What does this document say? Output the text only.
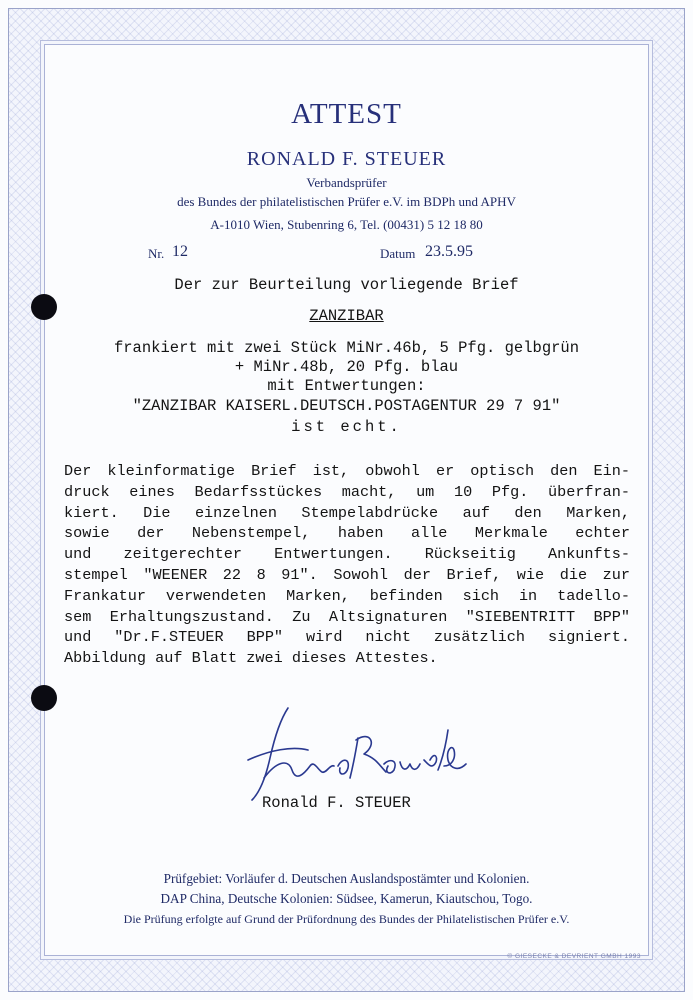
ATTEST
RONALD F. STEUER
Verbandsprüfer
des Bundes der philatelistischen Prüfer e.V. im BDPh und APHV
A-1010 Wien, Stubenring 6, Tel. (00431) 5 12 18 80
Nr. 12	Datum 23.5.95
Der zur Beurteilung vorliegende Brief
ZANZIBAR
frankiert mit zwei Stück MiNr.46b, 5 Pfg. gelbgrün
+ MiNr.48b, 20 Pfg. blau
mit Entwertungen:
"ZANZIBAR KAISERL.DEUTSCH.POSTAGENTUR 29 7 91"
ist echt.
Der kleinformatige Brief ist, obwohl er optisch den Ein-
druck eines Bedarfsstückes macht, um 10 Pfg. überfran-
kiert. Die einzelnen Stempelabdrücke auf den Marken,
sowie der Nebenstempel, haben alle Merkmale echter
und zeitgerechter Entwertungen. Rückseitig Ankunfts-
stempel "WEENER 22 8 91". Sowohl der Brief, wie die zur
Frankatur verwendeten Marken, befinden sich in tadello-
sem Erhaltungszustand. Zu Altsignaturen "SIEBENTRITT BPP"
und "Dr.F.STEUER BPP" wird nicht zusätzlich signiert.
Abbildung auf Blatt zwei dieses Attestes.
Ronald F. STEUER
Prüfgebiet: Vorläufer d. Deutschen Auslandspostämter und Kolonien.
DAP China, Deutsche Kolonien: Südsee, Kamerun, Kiautschou, Togo.
Die Prüfung erfolgte auf Grund der Prüfordnung des Bundes der Philatelistischen Prüfer e.V.
© GIESECKE & DEVRIENT GMBH 1993
